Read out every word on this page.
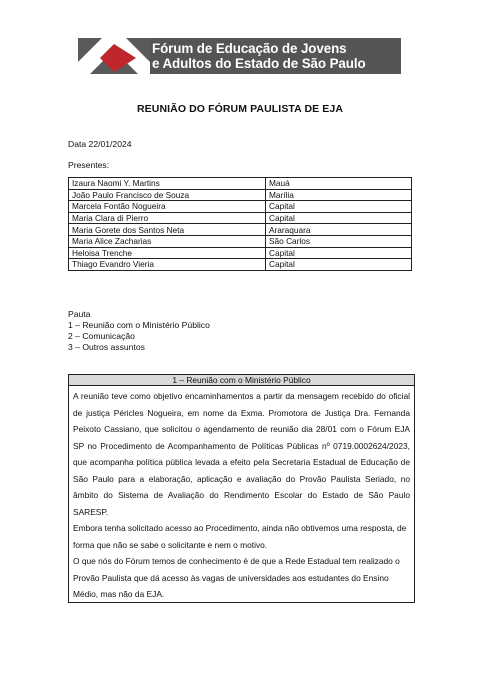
Fórum de Educação de Jovens
e Adultos do Estado de São Paulo
REUNIÃO DO FÓRUM PAULISTA DE EJA
Data 22/01/2024
Presentes:
Izaura Naomi Y. Martins	Mauá
João Paulo Francisco de Souza	Marília
Marcela Fontão Nogueira	Capital
Maria Clara di Pierro	Capital
Maria Gorete dos Santos Neta	Araraquara
Maria Alice Zacharias	São Carlos
Heloisa Trenche	Capital
Thiago Evandro Vieria	Capital
Pauta
1 – Reunião com o Ministério Público
2 – Comunicação
3 – Outros assuntos
1 – Reunião com o Ministério Público

A reunião teve como objetivo encaminhamentos a partir da mensagem recebido do oficial de justiça Péricles Nogueira, em nome da Exma. Promotora de Justiça Dra. Fernanda Peixoto Cassiano, que solicitou o agendamento de reunião dia 28/01 com o Fórum EJA SP no Procedimento de Acompanhamento de Políticas Públicas nº 0719.0002624/2023, que acompanha política pública levada a efeito pela Secretaria Estadual de Educação de São Paulo para a elaboração, aplicação e avaliação do Provão Paulista Seriado, no âmbito do Sistema de Avaliação do Rendimento Escolar do Estado de São Paulo SARESP.

Embora tenha solicitado acesso ao Procedimento, ainda não obtivemos uma resposta, de forma que não se sabe o solicitante e nem o motivo.

O que nós do Fórum temos de conhecimento é de que a Rede Estadual tem realizado o Provão Paulista que dá acesso às vagas de universidades aos estudantes do Ensino Médio, mas não da EJA.
